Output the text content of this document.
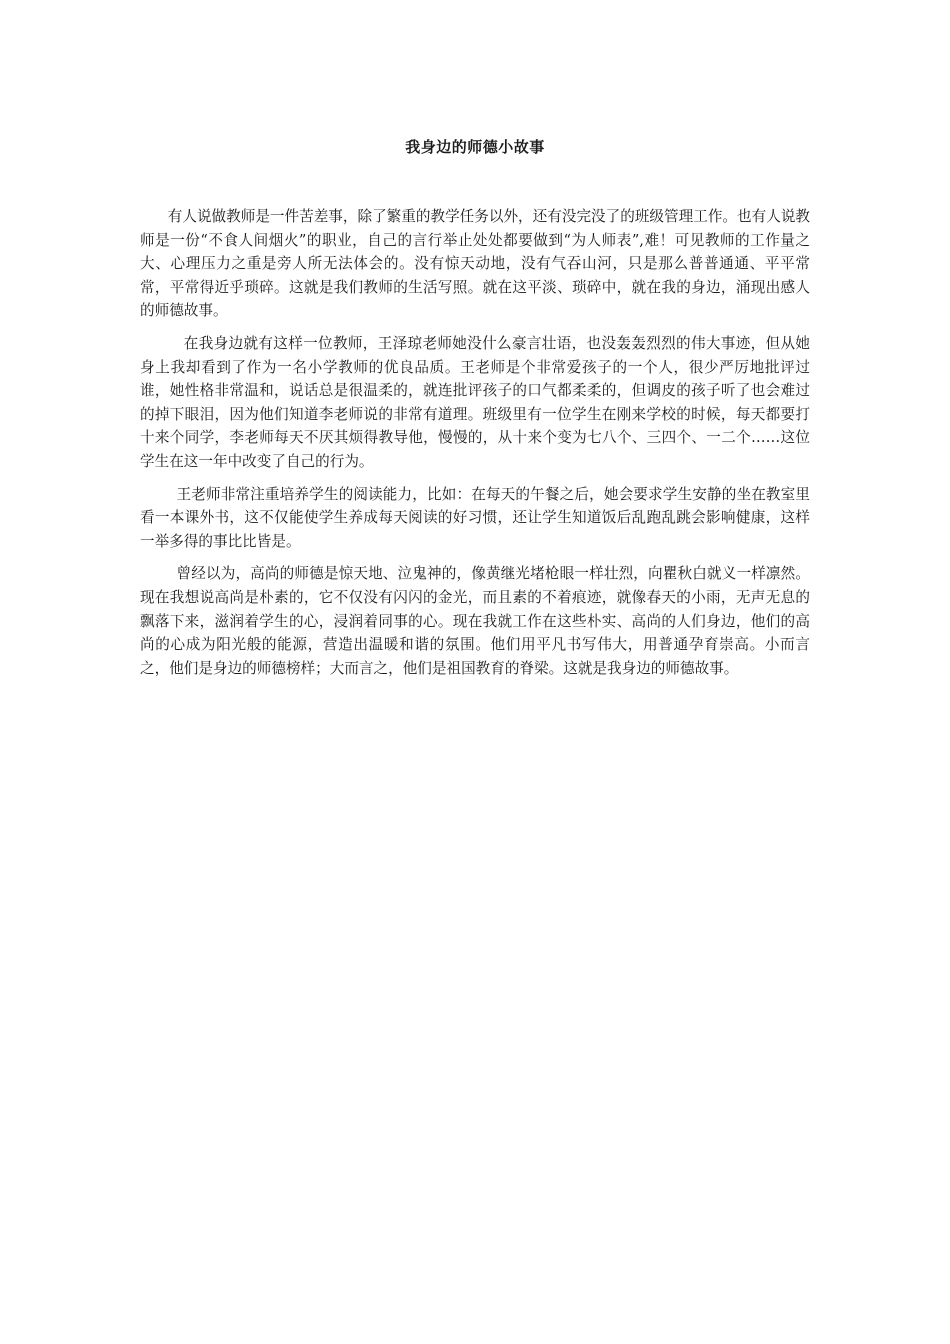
我身边的师德小故事

有人说做教师是一件苦差事，除了繁重的教学任务以外，还有没完没了的班级管理工作。也有人说教师是一份“不食人间烟火”的职业，自己的言行举止处处都要做到“为人师表”,难！可见教师的工作量之大、心理压力之重是旁人所无法体会的。没有惊天动地，没有气吞山河，只是那么普普通通、平平常常，平常得近乎琐碎。这就是我们教师的生活写照。就在这平淡、琐碎中，就在我的身边，涌现出感人的师德故事。

在我身边就有这样一位教师，王泽琼老师她没什么豪言壮语，也没轰轰烈烈的伟大事迹，但从她身上我却看到了作为一名小学教师的优良品质。王老师是个非常爱孩子的一个人，很少严厉地批评过谁，她性格非常温和，说话总是很温柔的，就连批评孩子的口气都柔柔的，但调皮的孩子听了也会难过的掉下眼泪，因为他们知道李老师说的非常有道理。班级里有一位学生在刚来学校的时候，每天都要打十来个同学，李老师每天不厌其烦得教导他，慢慢的，从十来个变为七八个、三四个、一二个……这位学生在这一年中改变了自己的行为。

王老师非常注重培养学生的阅读能力，比如：在每天的午餐之后，她会要求学生安静的坐在教室里看一本课外书，这不仅能使学生养成每天阅读的好习惯，还让学生知道饭后乱跑乱跳会影响健康，这样一举多得的事比比皆是。

曾经以为，高尚的师德是惊天地、泣鬼神的，像黄继光堵枪眼一样壮烈，向瞿秋白就义一样凛然。现在我想说高尚是朴素的，它不仅没有闪闪的金光，而且素的不着痕迹，就像春天的小雨，无声无息的飘落下来，滋润着学生的心，浸润着同事的心。现在我就工作在这些朴实、高尚的人们身边，他们的高尚的心成为阳光般的能源，营造出温暖和谐的氛围。他们用平凡书写伟大，用普通孕育崇高。小而言之，他们是身边的师德榜样；大而言之，他们是祖国教育的脊梁。这就是我身边的师德故事。
